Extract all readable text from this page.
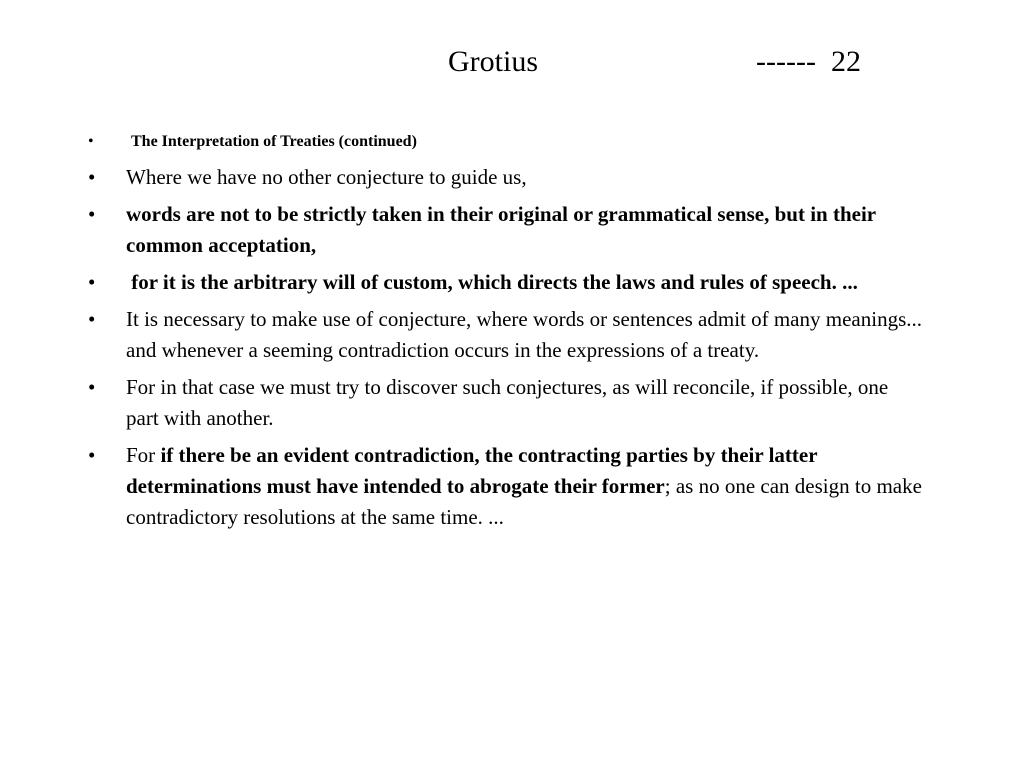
Grotius	------  22
• The Interpretation of Treaties (continued)
• Where we have no other conjecture to guide us,
• words are not to be strictly taken in their original or grammatical sense, but in their common acceptation,
• for it is the arbitrary will of custom, which directs the laws and rules of speech. ...
• It is necessary to make use of conjecture, where words or sentences admit of many meanings... and whenever a seeming contradiction occurs in the expressions of a treaty.
• For in that case we must try to discover such conjectures, as will reconcile, if possible, one part with another.
• For if there be an evident contradiction, the contracting parties by their latter determinations must have intended to abrogate their former; as no one can design to make contradictory resolutions at the same time. ...
